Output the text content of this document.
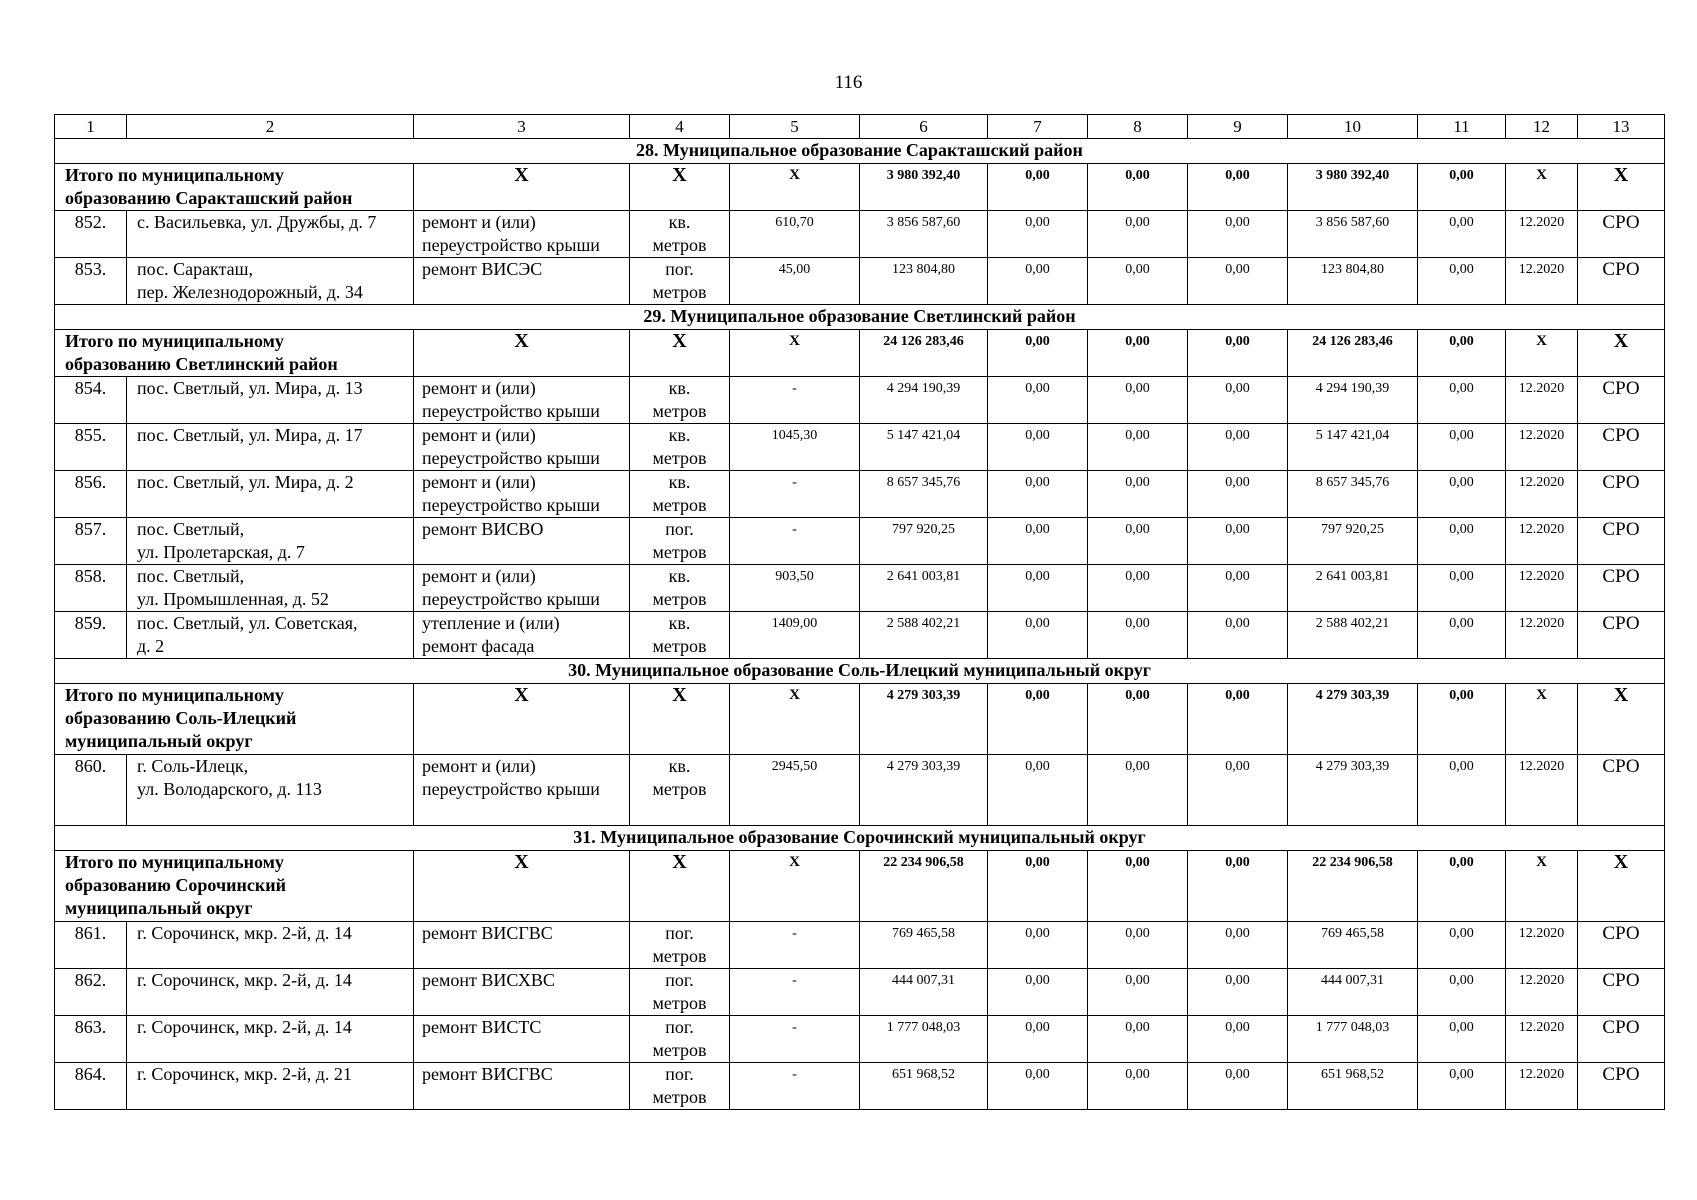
116
1	2	3	4	5	6	7	8	9	10	11	12	13
28. Муниципальное образование Саракташский район												
Итого по муниципальному
образованию Саракташский район		Х	Х	Х	3 980 392,40	0,00	0,00	0,00	3 980 392,40	0,00	Х	Х
852.	с. Васильевка, ул. Дружбы, д. 7	ремонт и (или)
переустройство крыши	кв.
метров	610,70	3 856 587,60	0,00	0,00	0,00	3 856 587,60	0,00	12.2020	СРО
853.	пос. Саракташ,
пер. Железнодорожный, д. 34	ремонт ВИСЭС	пог.
метров	45,00	123 804,80	0,00	0,00	0,00	123 804,80	0,00	12.2020	СРО
29. Муниципальное образование Светлинский район												
Итого по муниципальному
образованию Светлинский район		Х	Х	Х	24 126 283,46	0,00	0,00	0,00	24 126 283,46	0,00	Х	Х
854.	пос. Светлый, ул. Мира, д. 13	ремонт и (или)
переустройство крыши	кв.
метров	-	4 294 190,39	0,00	0,00	0,00	4 294 190,39	0,00	12.2020	СРО
855.	пос. Светлый, ул. Мира, д. 17	ремонт и (или)
переустройство крыши	кв.
метров	1045,30	5 147 421,04	0,00	0,00	0,00	5 147 421,04	0,00	12.2020	СРО
856.	пос. Светлый, ул. Мира, д. 2	ремонт и (или)
переустройство крыши	кв.
метров	-	8 657 345,76	0,00	0,00	0,00	8 657 345,76	0,00	12.2020	СРО
857.	пос. Светлый,
ул. Пролетарская, д. 7	ремонт ВИСВО	пог.
метров	-	797 920,25	0,00	0,00	0,00	797 920,25	0,00	12.2020	СРО
858.	пос. Светлый,
ул. Промышленная, д. 52	ремонт и (или)
переустройство крыши	кв.
метров	903,50	2 641 003,81	0,00	0,00	0,00	2 641 003,81	0,00	12.2020	СРО
859.	пос. Светлый, ул. Советская,
д. 2	утепление и (или)
ремонт фасада	кв.
метров	1409,00	2 588 402,21	0,00	0,00	0,00	2 588 402,21	0,00	12.2020	СРО
30. Муниципальное образование Соль-Илецкий муниципальный округ												
Итого по муниципальному
образованию Соль-Илецкий
муниципальный округ		Х	Х	Х	4 279 303,39	0,00	0,00	0,00	4 279 303,39	0,00	Х	Х
860.	г. Соль-Илецк,
ул. Володарского, д. 113	ремонт и (или)
переустройство крыши	кв.
метров	2945,50	4 279 303,39	0,00	0,00	0,00	4 279 303,39	0,00	12.2020	СРО
31. Муниципальное образование Сорочинский муниципальный округ												
Итого по муниципальному
образованию Сорочинский
муниципальный округ		Х	Х	Х	22 234 906,58	0,00	0,00	0,00	22 234 906,58	0,00	Х	Х
861.	г. Сорочинск, мкр. 2-й, д. 14	ремонт ВИСГВС	пог.
метров	-	769 465,58	0,00	0,00	0,00	769 465,58	0,00	12.2020	СРО
862.	г. Сорочинск, мкр. 2-й, д. 14	ремонт ВИСХВС	пог.
метров	-	444 007,31	0,00	0,00	0,00	444 007,31	0,00	12.2020	СРО
863.	г. Сорочинск, мкр. 2-й, д. 14	ремонт ВИСТС	пог.
метров	-	1 777 048,03	0,00	0,00	0,00	1 777 048,03	0,00	12.2020	СРО
864.	г. Сорочинск, мкр. 2-й, д. 21	ремонт ВИСГВС	пог.
метров	-	651 968,52	0,00	0,00	0,00	651 968,52	0,00	12.2020	СРО
